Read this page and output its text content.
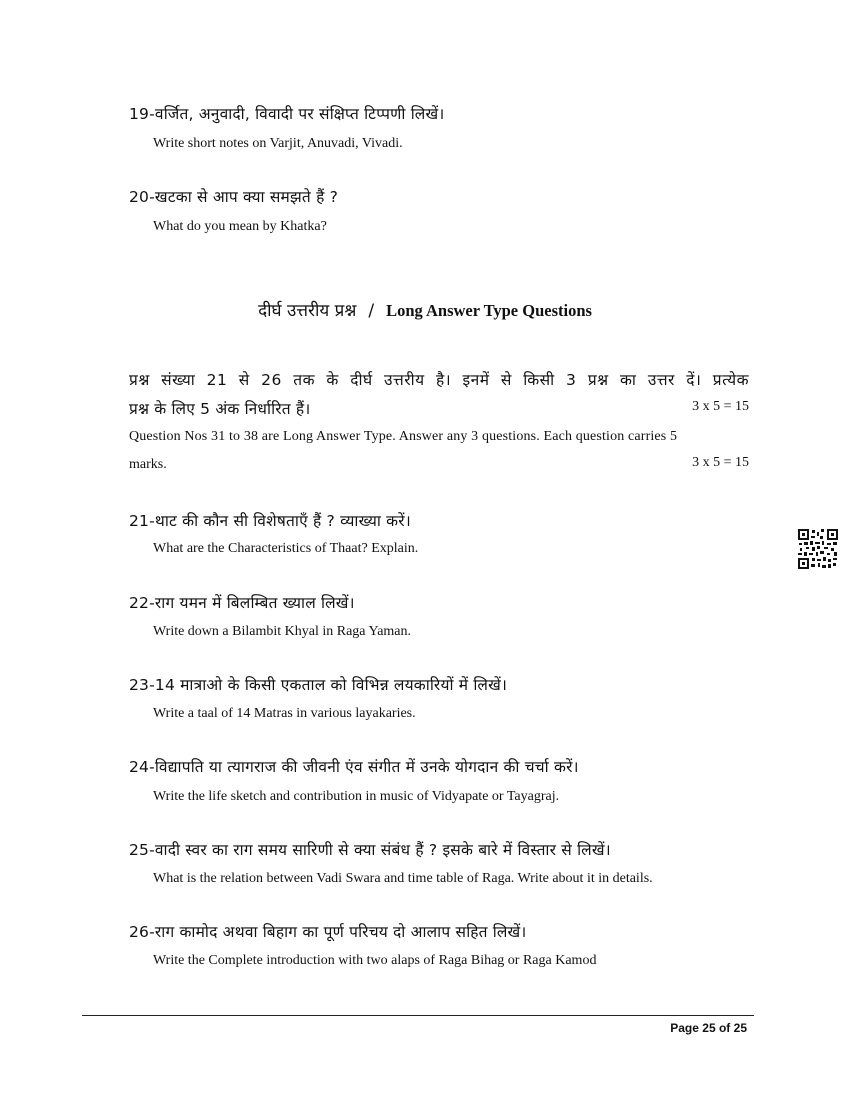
19-वर्जित, अनुवादी, विवादी पर संक्षिप्त टिप्पणी लिखें।
Write short notes on Varjit, Anuvadi, Vivadi.
20-खटका से आप क्या समझते हैं ?
What do you mean by Khatka?
दीर्घ उत्तरीय प्रश्न / Long Answer Type Questions
प्रश्न संख्या 21 से 26 तक के दीर्घ उत्तरीय है। इनमें से किसी 3 प्रश्न का उत्तर दें। प्रत्येक
प्रश्न के लिए 5 अंक निर्धारित हैं।	3 x 5 = 15
Question Nos 31 to 38 are Long Answer Type. Answer any 3 questions. Each question carries 5
marks.	3 x 5 = 15
21-थाट की कौन सी विशेषताएँ हैं ? व्याख्या करें।
What are the Characteristics of Thaat? Explain.
22-राग यमन में बिलम्बित ख्याल लिखें।
Write down a Bilambit Khyal in Raga Yaman.
23-14 मात्राओ के किसी एकताल को विभिन्न लयकारियों में लिखें।
Write a taal of 14 Matras in various layakaries.
24-विद्यापति या त्यागराज की जीवनी एंव संगीत में उनके योगदान की चर्चा करें।
Write the life sketch and contribution in music of Vidyapate or Tayagraj.
25-वादी स्वर का राग समय सारिणी से क्या संबंध हैं ? इसके बारे में विस्तार से लिखें।
What is the relation between Vadi Swara and time table of Raga. Write about it in details.
26-राग कामोद अथवा बिहाग का पूर्ण परिचय दो आलाप सहित लिखें।
Write the Complete introduction with two alaps of Raga Bihag or Raga Kamod
Page 25 of 25
